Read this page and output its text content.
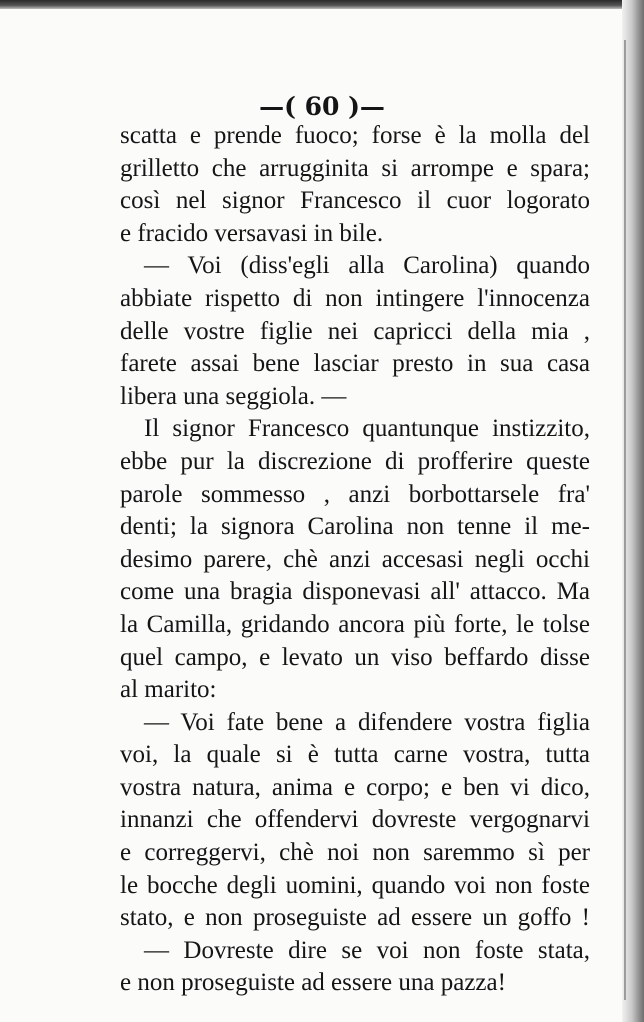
—( 60 )—
scatta e prende fuoco; forse è la molla del
grilletto che arrugginita si arrompe e spara;
così nel signor Francesco il cuor logorato
e fracido versavasi in bile.
— Voi (diss'egli alla Carolina) quando
abbiate rispetto di non intingere l'innocenza
delle vostre figlie nei capricci della mia ,
farete assai bene lasciar presto in sua casa
libera una seggiola. —
Il signor Francesco quantunque instizzito,
ebbe pur la discrezione di profferire queste
parole sommesso , anzi borbottarsele fra'
denti; la signora Carolina non tenne il me-
desimo parere, chè anzi accesasi negli occhi
come una bragia disponevasi all' attacco. Ma
la Camilla, gridando ancora più forte, le tolse
quel campo, e levato un viso beffardo disse
al marito:
— Voi fate bene a difendere vostra figlia
voi, la quale si è tutta carne vostra, tutta
vostra natura, anima e corpo; e ben vi dico,
innanzi che offendervi dovreste vergognarvi
e correggervi, chè noi non saremmo sì per
le bocche degli uomini, quando voi non foste
stato, e non proseguiste ad essere un goffo !
— Dovreste dire se voi non foste stata,
e non proseguiste ad essere una pazza!
